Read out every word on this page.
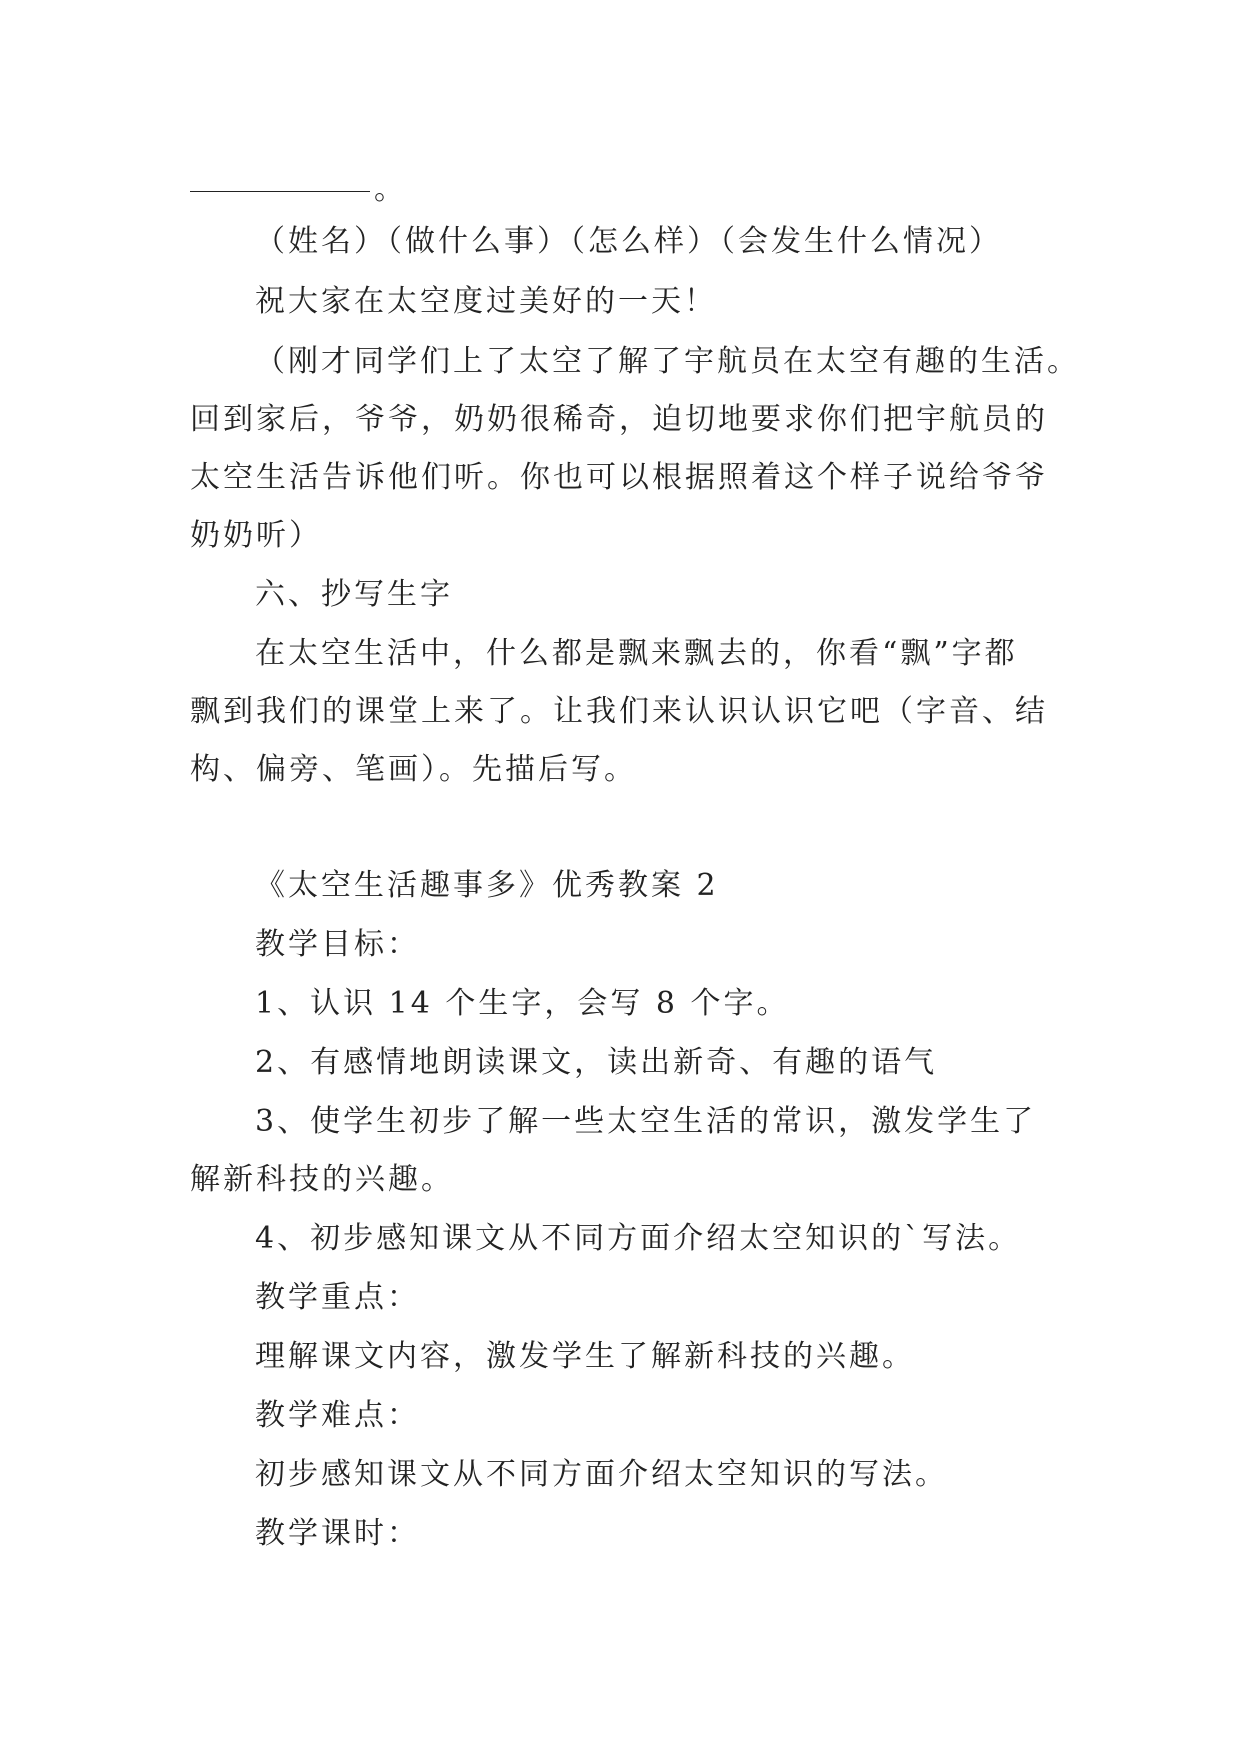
。
（姓名）（做什么事）（怎么样）（会发生什么情况）
祝大家在太空度过美好的一天！
（刚才同学们上了太空了解了宇航员在太空有趣的生活。
回到家后，爷爷，奶奶很稀奇，迫切地要求你们把宇航员的
太空生活告诉他们听。你也可以根据照着这个样子说给爷爷
奶奶听）
六、抄写生字
在太空生活中，什么都是飘来飘去的，你看“飘”字都
飘到我们的课堂上来了。让我们来认识认识它吧（字音、结
构、偏旁、笔画）。先描后写。
《太空生活趣事多》优秀教案 2
教学目标：
1、认识 14 个生字，会写 8 个字。
2、有感情地朗读课文，读出新奇、有趣的语气
3、使学生初步了解一些太空生活的常识，激发学生了
解新科技的兴趣。
4、初步感知课文从不同方面介绍太空知识的`写法。
教学重点：
理解课文内容，激发学生了解新科技的兴趣。
教学难点：
初步感知课文从不同方面介绍太空知识的写法。
教学课时：
